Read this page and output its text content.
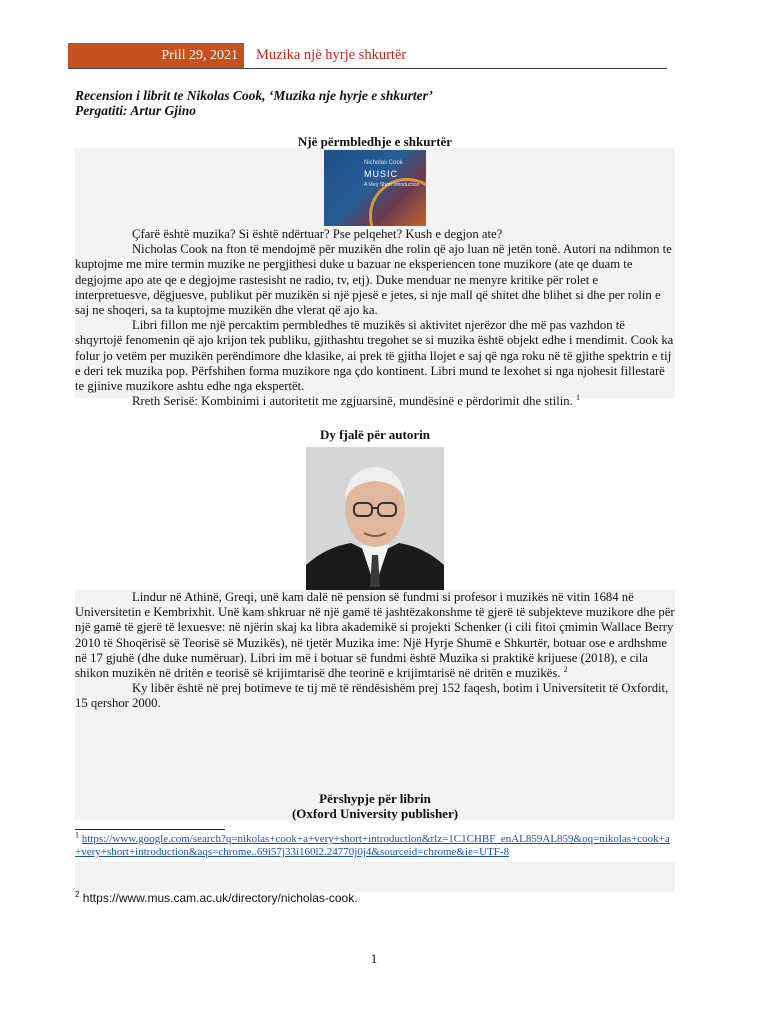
Prill 29, 2021	Muzika një hyrje shkurtër
Recension i librit te Nikolas Cook, ‘Muzika nje hyrje e shkurter’
Pergatiti: Artur Gjino
Një përmbledhje e shkurtër
Nicholas Cook
MUSIC
A Very Short Introduction

Çfarë është muzika? Si është ndërtuar? Pse pelqehet? Kush e degjon ate?

Nicholas Cook na fton të mendojmë për muzikën dhe rolin që ajo luan në jetën tonë. Autori na ndihmon te kuptojme me mire termin muzike ne pergjithesi duke u bazuar ne eksperiencen tone muzikore (ate qe duam te degjojme apo ate qe e degjojme rastesisht ne radio, tv, etj). Duke menduar ne menyre kritike për rolet e interpretuesve, dëgjuesve, publikut për muzikën si një pjesë e jetes, si nje mall që shitet dhe blihet si dhe per rolin e saj ne shoqeri, sa ta kuptojme muzikën dhe vlerat që ajo ka.

Libri fillon me një percaktim permbledhes të muzikës si aktivitet njerëzor dhe më pas vazhdon të shqyrtojë fenomenin që ajo krijon tek publiku, gjithashtu tregohet se si muzika është objekt edhe i mendimit. Cook ka folur jo vetëm per muzikën perëndimore dhe klasike, ai prek të gjitha llojet e saj që nga roku në të gjithe spektrin e tij e deri tek muzika pop. Përfshihen forma muzikore nga çdo kontinent. Libri mund te lexohet si nga njohesit fillestarë te gjinive muzikore ashtu edhe nga ekspertët.

Rreth Serisë: Kombinimi i autoritetit me zgjuarsinë, mundësinë e përdorimit dhe stilin. $^1$

Dy fjalë për autorin

Lindur në Athinë, Greqi, unë kam dalë në pension së fundmi si profesor i muzikës në vitin 1684 në Universitetin e Kembrixhit. Unë kam shkruar në një gamë të jashtëzakonshme të gjerë të subjekteve muzikore dhe për një gamë të gjerë të lexuesve: në njërin skaj ka libra akademikë si projekti Schenker (i cili fitoi çmimin Wallace Berry 2010 të Shoqërisë së Teorisë së Muzikës), në tjetër Muzika ime: Një Hyrje Shumë e Shkurtër, botuar ose e ardhshme në 17 gjuhë (dhe duke numëruar). Libri im më i botuar së fundmi është Muzika si praktikë krijuese (2018), e cila shikon muzikën në dritën e teorisë së krijimtarisë dhe teorinë e krijimtarisë në dritën e muzikës. $^2$

Ky libër është në prej botimeve te tij më të rëndësishëm prej 152 faqesh, botim i Universitetit të Oxfordit, 15 qershor 2000.

Përshypje për librin
(Oxford University publisher)
$^1$ https://www.google.com/search?q=nikolas+cook+a+very+short+introduction&rlz=1C1CHBF_enAL859AL859&oq=nikolas+cook+a+very+short+introduction&aqs=chrome..69i57j33i160l2.24770j0j4&sourceid=chrome&ie=UTF-8
$^2$ https://www.mus.cam.ac.uk/directory/nicholas-cook.
1
